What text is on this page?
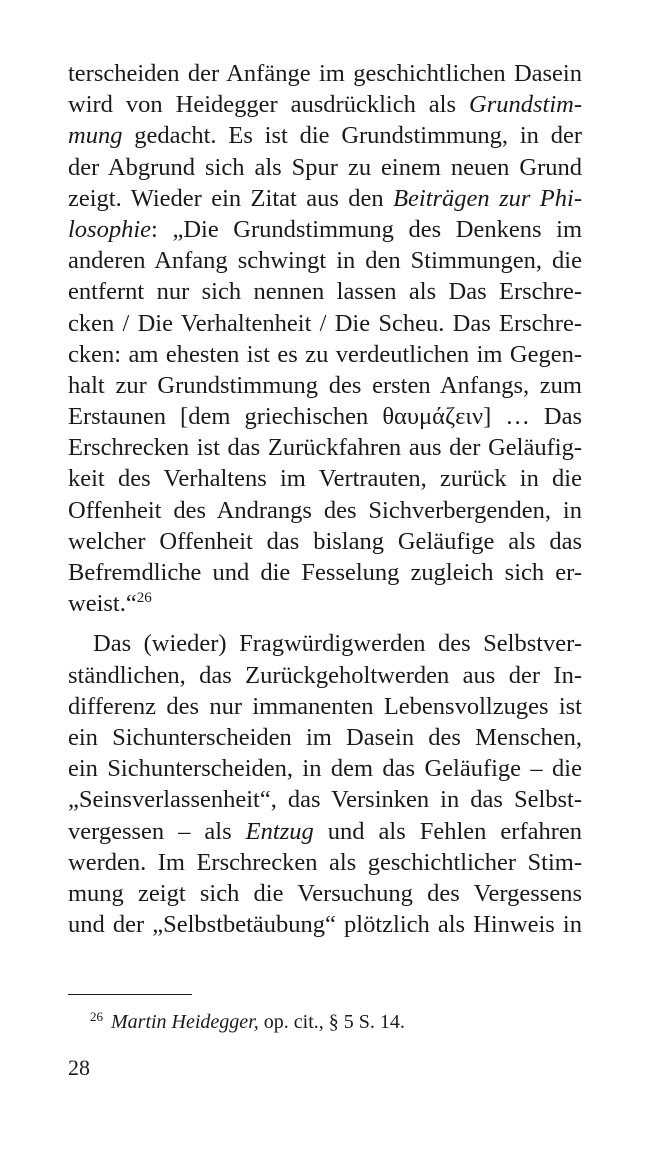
terscheiden der Anfänge im geschichtlichen Dasein
wird von Heidegger ausdrücklich als Grundstim-
mung gedacht. Es ist die Grundstimmung, in der
der Abgrund sich als Spur zu einem neuen Grund
zeigt. Wieder ein Zitat aus den Beiträgen zur Phi-
losophie: „Die Grundstimmung des Denkens im
anderen Anfang schwingt in den Stimmungen, die
entfernt nur sich nennen lassen als Das Erschre-
cken / Die Verhaltenheit / Die Scheu. Das Erschre-
cken: am ehesten ist es zu verdeutlichen im Gegen-
halt zur Grundstimmung des ersten Anfangs, zum
Erstaunen [dem griechischen θαυμάζειν] … Das
Erschrecken ist das Zurückfahren aus der Geläufig-
keit des Verhaltens im Vertrauten, zurück in die
Offenheit des Andrangs des Sichverbergenden, in
welcher Offenheit das bislang Geläufige als das
Befremdliche und die Fesselung zugleich sich er-
weist.“$^{26}$
Das (wieder) Fragwürdigwerden des Selbstver-
ständlichen, das Zurückgeholtwerden aus der In-
differenz des nur immanenten Lebensvollzuges ist
ein Sichunterscheiden im Dasein des Menschen,
ein Sichunterscheiden, in dem das Geläufige – die
„Seinsverlassenheit“, das Versinken in das Selbst-
vergessen – als Entzug und als Fehlen erfahren
werden. Im Erschrecken als geschichtlicher Stim-
mung zeigt sich die Versuchung des Vergessens
und der „Selbstbetäubung“ plötzlich als Hinweis in
$^{26}$ Martin Heidegger, op. cit., § 5 S. 14.
28
